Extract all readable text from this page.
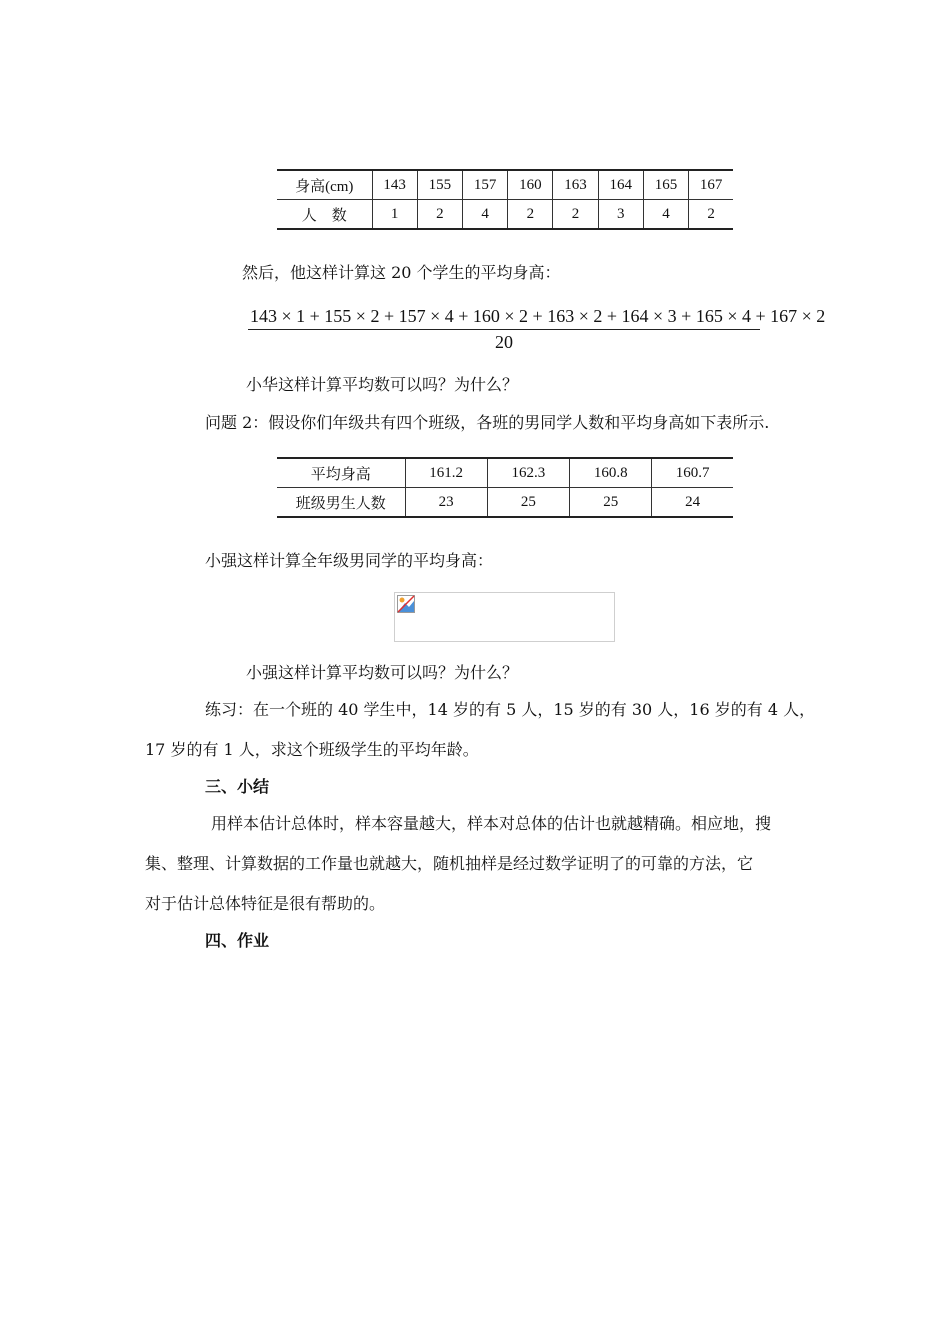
身高(cm)	143	155	157	160	163	164	165	167
人　数	1	2	4	2	2	3	4	2
然后，他这样计算这 20 个学生的平均身高：
143 × 1 + 155 × 2 + 157 × 4 + 160 × 2 + 163 × 2 + 164 × 3 + 165 × 4 + 167 × 2
20
小华这样计算平均数可以吗？为什么？
问题 2：假设你们年级共有四个班级，各班的男同学人数和平均身高如下表所示.
平均身高	161.2	162.3	160.8	160.7
班级男生人数	23	25	25	24
小强这样计算全年级男同学的平均身高：
小强这样计算平均数可以吗？为什么？
练习：在一个班的 40 学生中，14 岁的有 5 人，15 岁的有 30 人，16 岁的有 4 人，
17 岁的有 1 人，求这个班级学生的平均年龄。
三、小结
用样本估计总体时，样本容量越大，样本对总体的估计也就越精确。相应地，搜
集、整理、计算数据的工作量也就越大，随机抽样是经过数学证明了的可靠的方法，它
对于估计总体特征是很有帮助的。
四、作业
